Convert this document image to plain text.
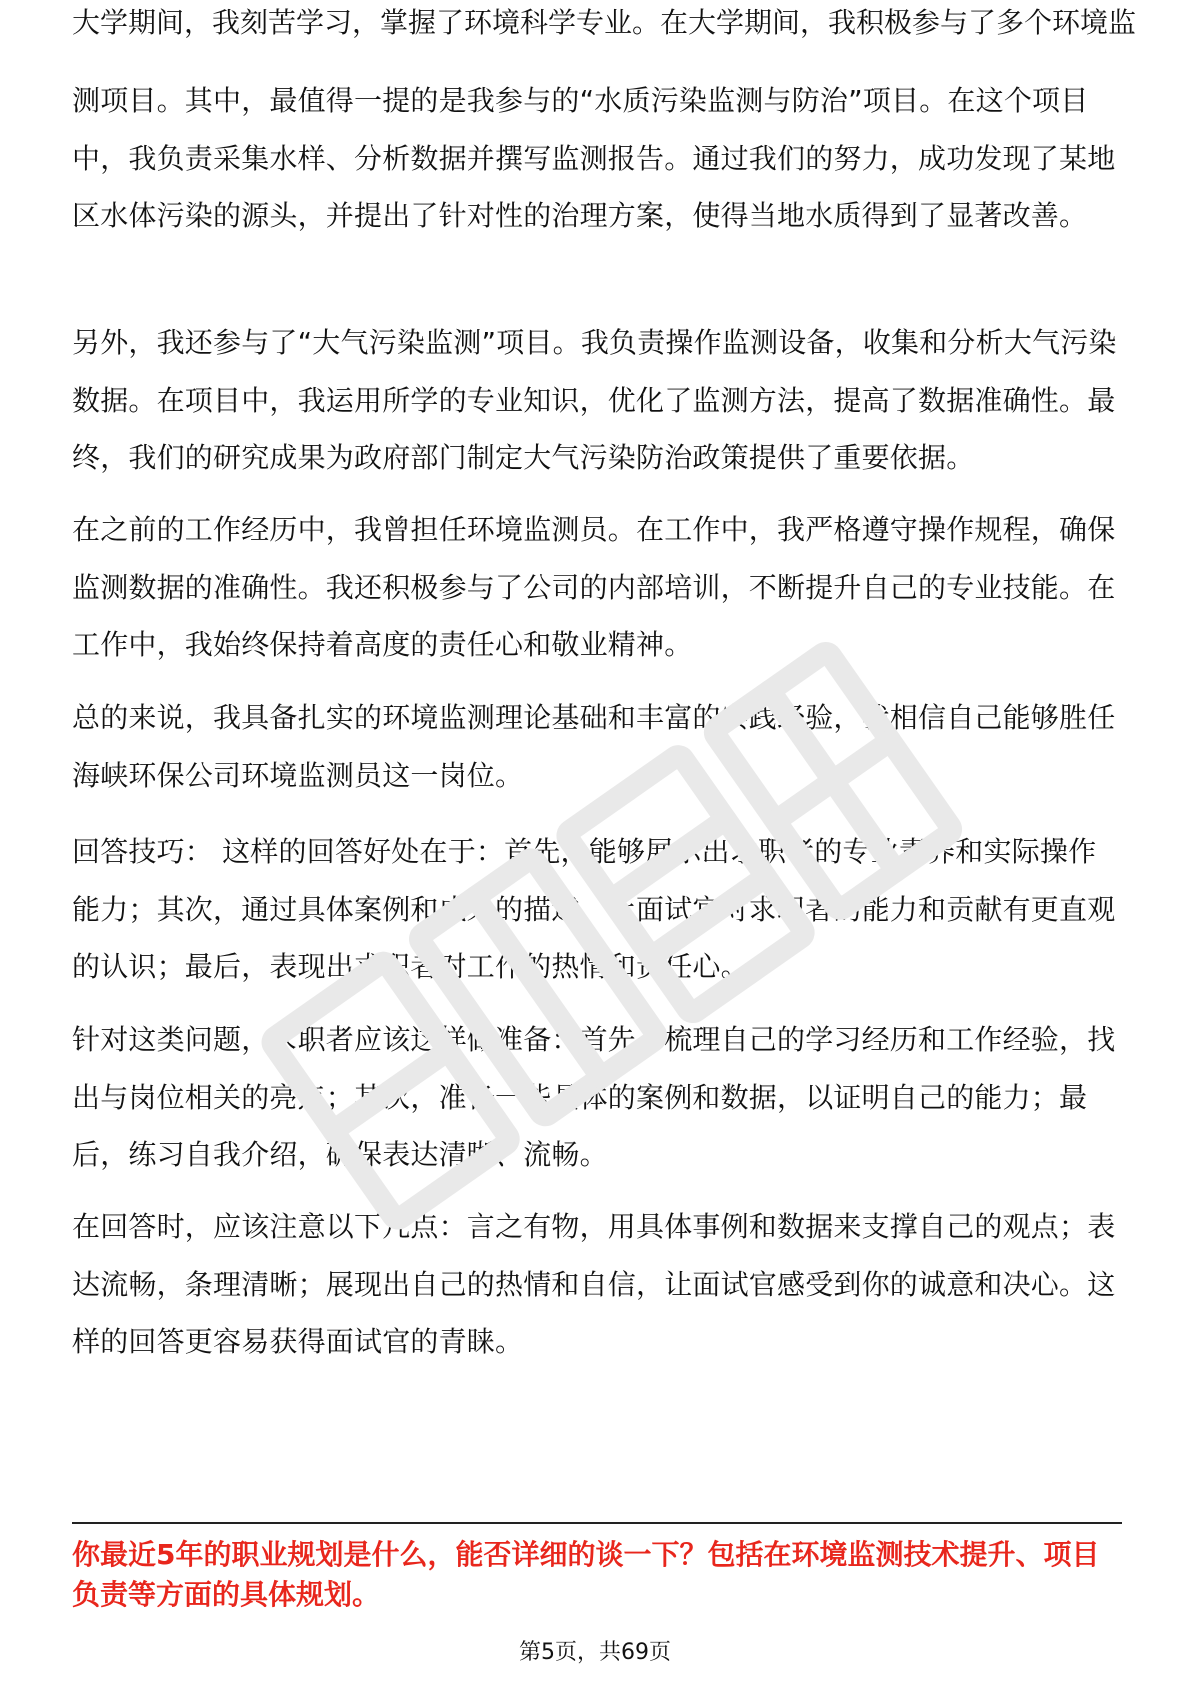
大学期间，我刻苦学习，掌握了环境科学专业。在大学期间，我积极参与了多个环境监

测项目。其中，最值得一提的是我参与的“水质污染监测与防治”项目。在这个项目中，我负责采集水样、分析数据并撰写监测报告。通过我们的努力，成功发现了某地区水体污染的源头，并提出了针对性的治理方案，使得当地水质得到了显著改善。

另外，我还参与了“大气污染监测”项目。我负责操作监测设备，收集和分析大气污染数据。在项目中，我运用所学的专业知识，优化了监测方法，提高了数据准确性。最终，我们的研究成果为政府部门制定大气污染防治政策提供了重要依据。

在之前的工作经历中，我曾担任环境监测员。在工作中，我严格遵守操作规程，确保监测数据的准确性。我还积极参与了公司的内部培训，不断提升自己的专业技能。在工作中，我始终保持着高度的责任心和敬业精神。

总的来说，我具备扎实的环境监测理论基础和丰富的实践经验，我相信自己能够胜任海峡环保公司环境监测员这一岗位。

回答技巧： 这样的回答好处在于：首先，能够展示出求职者的专业素养和实际操作能力；其次，通过具体案例和成果的描述，让面试官对求职者的能力和贡献有更直观的认识；最后，表现出求职者对工作的热情和责任心。

针对这类问题，求职者应该这样做准备：首先，梳理自己的学习经历和工作经验，找出与岗位相关的亮点；其次，准备一些具体的案例和数据，以证明自己的能力；最后，练习自我介绍，确保表达清晰、流畅。

在回答时，应该注意以下几点：言之有物，用具体事例和数据来支撑自己的观点；表达流畅，条理清晰；展现出自己的热情和自信，让面试官感受到你的诚意和决心。这样的回答更容易获得面试官的青睐。

你最近5年的职业规划是什么，能否详细的谈一下？包括在环境监测技术提升、项目负责等方面的具体规划。

第5页，共69页
